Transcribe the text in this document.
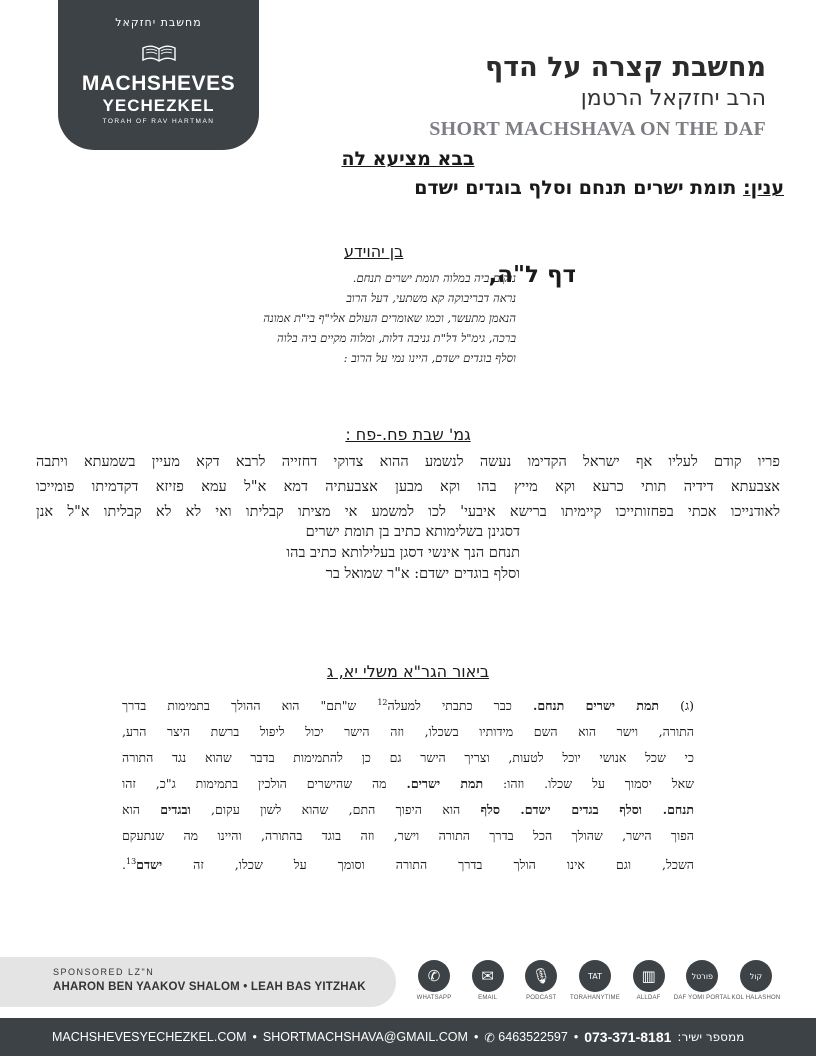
מחשבת יחזקאל
MACHSHEVES
YECHEZKEL
TORAH OF RAV HARTMAN
מחשבת קצרה על הדף
הרב יחזקאל הרטמן
SHORT MACHSHAVA ON THE DAF
בבא מציעא לה
ענין: תומת ישרים תנחם וסלף בוגדים ישדם
בן יהוידע
דף ל"ה,

נוקים ביה במלוה תומת ישרים תנחם.

נראה דבריבוקה קא משתעי, דעל הרוב

הנאמן מתעשר, וכמו שאומרים העולם אלי"ף בי"ת אמונה

ברכה, גימ"ל דל"ת גניבה דלות, ומלוה מקיים ביה בלוה

וסלף בוגדים ישדם, היינו נמי על הרוב :

גמ' שבת פח.-פח :

פריו קודם לעליו אף ישראל הקדימו נעשה לנשמע ההוא צדוקי דחזייה לרבא דקא מעיין בשמעתא ויתבה

אצבעתא דידיה תותי כרעא וקא מייץ בהו וקא מבען אצבעתיה דמא א"ל עמא פזיזא דקדמיתו פומייכו

לאודנייכו אכתי בפחזותייכו קיימיתו ברישא איבעי' לכו למשמע אי מציתו קבליתו ואי לא לא קבליתו א"ל אנן

דסגינן בשלימותא כתיב בן תומת ישרים

תנחם הנך אינשי דסגן בעלילותא כתיב בהו

וסלף בוגדים ישדם: א"ר שמואל בר

ביאור הגר"א משלי יא, ג

(ג) תמת ישרים תנחם. כבר כתבתי למעלה$^{12}$ ש"תם" הוא ההולך בתמימות בדרך

התורה, וישר הוא השם מידותיו בשכלו, וזה הישר יכול ליפול ברשת היצר הרע,

כי שכל אנושי יוכל לטעות, וצריך הישר גם כן להתמימות בדבר שהוא נגד התורה

שאל יסמוך על שכלו. וזהו: תמת ישרים. מה שהישרים הולכין בתמימות ג"כ, זהו

תנחם. וסלף בגדים ישדם. סלף הוא היפוך התם, שהוא לשון עקום, ובגדים הוא

הפוך הישר, שהולך הכל בדרך התורה וישר, וזה בוגד בהתורה, והיינו מה שנתעקם

השכל, וגם אינו הולך בדרך התורה וסומך על שכלו, זה ישדם$^{13}$.

SPONSORED LZ"N
AHARON BEN YAAKOV SHALOM • LEAH BAS YITZHAK
✆
WHATSAPP
✉
EMAIL
🎙
PODCAST
TAT
TORAHANYTIME
▥
ALLDAF
פורטל
DAF YOMI PORTAL
קול
KOL HALASHON
MACHSHEVESYECHEZKEL.COM • SHORTMACHSHAVA@GMAIL.COM • ✆ 6463522597 • 073-371-8181 ממספר ישיר:
